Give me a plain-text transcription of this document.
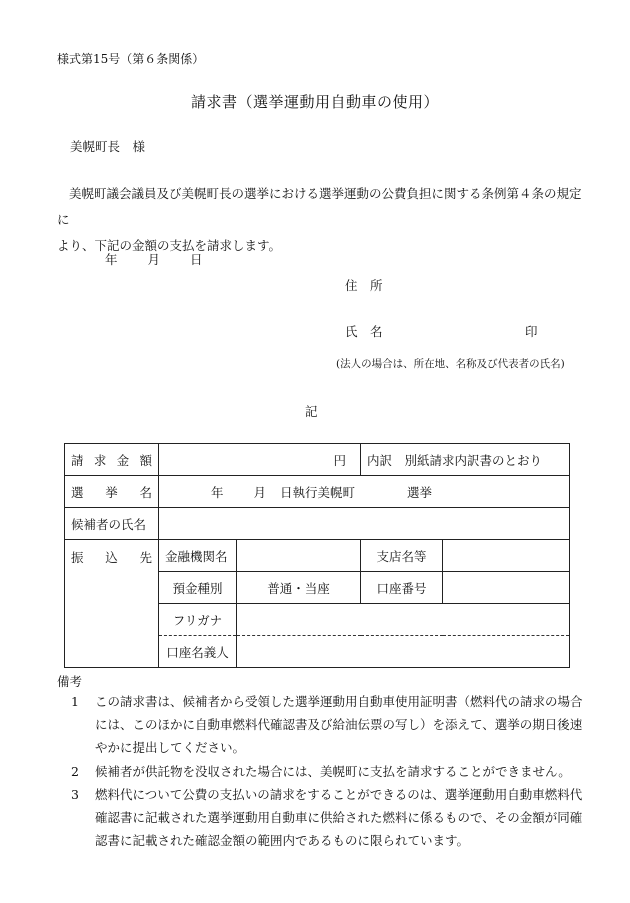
様式第15号（第６条関係）
請求書（選挙運動用自動車の使用）
美幌町長　様
美幌町議会議員及び美幌町長の選挙における選挙運動の公費負担に関する条例第４条の規定に
より、下記の金額の支払を請求します。
年 月 日
住　所
氏　名	印
(法人の場合は、所在地、名称及び代表者の氏名)
記
請 求 金 額	円		内訳　別紙請求内訳書のとおり	

選 挙 名	年 月 日執行美幌町 選挙			
候補者の氏名				

振 込 先	金融機関名		支店名等	
	預金種別	普通・当座	口座番号	
	フリガナ			
	口座名義人			
備考
1 この請求書は、候補者から受領した選挙運動用自動車使用証明書（燃料代の請求の場合には、このほかに自動車燃料代確認書及び給油伝票の写し）を添えて、選挙の期日後速やかに提出してください。
2 候補者が供託物を没収された場合には、美幌町に支払を請求することができません。
3 燃料代について公費の支払いの請求をすることができるのは、選挙運動用自動車燃料代確認書に記載された選挙運動用自動車に供給された燃料に係るもので、その金額が同確認書に記載された確認金額の範囲内であるものに限られています。
